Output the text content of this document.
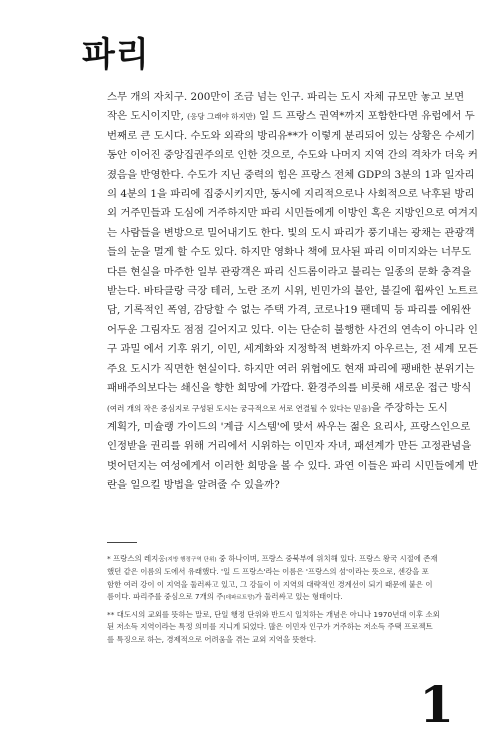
파리
스무 개의 자치구. 200만이 조금 넘는 인구. 파리는 도시 자체 규모만 놓고 보면
작은 도시이지만, (응당 그래야 하지만) 일 드 프랑스 권역*까지 포함한다면 유럽에서 두
번째로 큰 도시다. 수도와 외곽의 방리유**가 이렇게 분리되어 있는 상황은 수세기
동안 이어진 중앙집권주의로 인한 것으로, 수도와 나머지 지역 간의 격차가 더욱 커
졌음을 반영한다. 수도가 지닌 중력의 힘은 프랑스 전체 GDP의 3분의 1과 일자리
의 4분의 1을 파리에 집중시키지만, 동시에 지리적으로나 사회적으로 낙후된 방리
외 거주민들과 도심에 거주하지만 파리 시민들에게 이방인 혹은 지방인으로 여겨지
는 사람들을 변방으로 밀어내기도 한다. 빛의 도시 파리가 풍기내는 광채는 관광객
들의 눈을 멀게 할 수도 있다. 하지만 영화나 책에 묘사된 파리 이미지와는 너무도
다른 현실을 마주한 일부 관광객은 파리 신드롬이라고 불리는 일종의 문화 충격을
받는다. 바타클랑 극장 테러, 노란 조끼 시위, 빈민가의 불안, 불길에 휩싸인 노트르
담, 기록적인 폭염, 감당할 수 없는 주택 가격, 코로나19 팬데믹 등 파리를 에워싼
어두운 그림자도 점점 길어지고 있다. 이는 단순히 불행한 사건의 연속이 아니라 인
구 과밀 에서 기후 위기, 이민, 세계화와 지정학적 변화까지 아우르는, 전 세계 모든
주요 도시가 직면한 현실이다. 하지만 여러 위협에도 현재 파리에 팽배한 분위기는
패배주의보다는 쇄신을 향한 희망에 가깝다. 환경주의를 비롯해 새로운 접근 방식
(여러 개의 작은 중심지로 구성된 도시는 궁극적으로 서로 연결될 수 있다는 믿음)을 주장하는 도시
계획가, 미슐랭 가이드의 '계급 시스템'에 맞서 싸우는 젊은 요리사, 프랑스인으로
인정받을 권리를 위해 거리에서 시위하는 이민자 자녀, 패션계가 만든 고정관념을
벗어던지는 여성에게서 이러한 희망을 볼 수 있다. 과연 이들은 파리 시민들에게 반
란을 일으킬 방법을 알려줄 수 있을까?
* 프랑스의 레지옹(지방 행정구역 단위) 중 하나이며, 프랑스 중북부에 위치해 있다. 프랑스 왕국 시절에 존재
했던 같은 이름의 도에서 유래했다. '일 드 프랑스'라는 이름은 '프랑스의 섬'이라는 뜻으로, 센강을 포
함한 여러 강이 이 지역을 둘러싸고 있고, 그 강들이 이 지역의 대략적인 경계선이 되기 때문에 붙은 이
름이다. 파리주를 중심으로 7개의 주(데파르트망)가 둘러싸고 있는 형태이다.
** 대도시의 교외를 뜻하는 말로, 단일 행정 단위와 반드시 일치하는 개념은 아니나 1970년대 이후 소외
된 저소득 지역이라는 특정 의미를 지니게 되었다. 많은 이민자 인구가 거주하는 저소득 주택 프로젝트
를 특징으로 하는, 경제적으로 어려움을 겪는 교외 지역을 뜻한다.
1
